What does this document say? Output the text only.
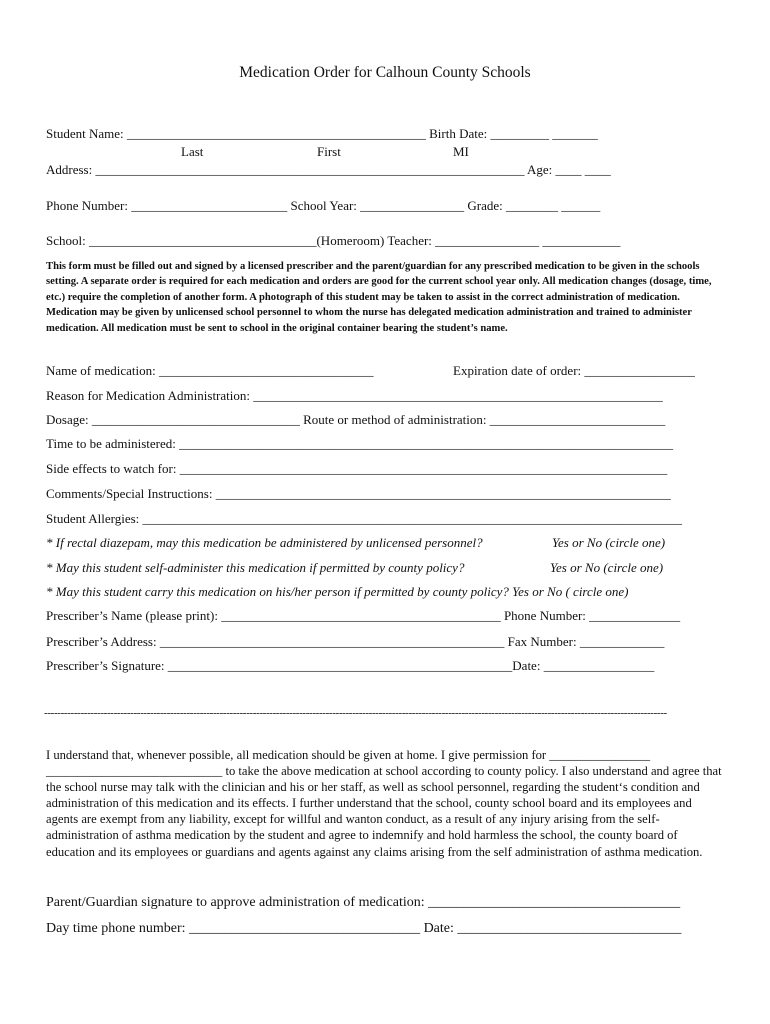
Medication Order for Calhoun County Schools
Student Name: ______________________________________________ Birth Date: _________ _______
Last	First	MI
Address: __________________________________________________________________ Age: ____ ____
Phone Number: ________________________ School Year: ________________ Grade: ________ ______
School: ___________________________________(Homeroom) Teacher: ________________ ____________
This form must be filled out and signed by a licensed prescriber and the parent/guardian for any prescribed medication to be given in the schools setting. A separate order is required for each medication and orders are good for the current school year only. All medication changes (dosage, time, etc.) require the completion of another form. A photograph of this student may be taken to assist in the correct administration of medication. Medication may be given by unlicensed school personnel to whom the nurse has delegated medication administration and trained to administer medication. All medication must be sent to school in the original container bearing the student’s name.
Name of medication: _________________________________	Expiration date of order: _________________
Reason for Medication Administration: _______________________________________________________________
Dosage: ________________________________ Route or method of administration: ___________________________
Time to be administered: ____________________________________________________________________________
Side effects to watch for: ___________________________________________________________________________
Comments/Special Instructions: ______________________________________________________________________
Student Allergies: ___________________________________________________________________________________
* If rectal diazepam, may this medication be administered by unlicensed personnel?	Yes or No (circle one)
* May this student self-administer this medication if permitted by county policy?	Yes or No (circle one)
* May this student carry this medication on his/her person if permitted by county policy? Yes or No ( circle one)
Prescriber’s Name (please print): ___________________________________________ Phone Number: ______________
Prescriber’s Address: _____________________________________________________ Fax Number: _____________
Prescriber’s Signature: _____________________________________________________Date: _________________
--------------------------------------------------------------------------------------------------------------------------------------------------------------------------------------------
I understand that, whenever possible, all medication should be given at home. I give permission for ________________ ____________________________ to take the above medication at school according to county policy. I also understand and agree that the school nurse may talk with the clinician and his or her staff, as well as school personnel, regarding the student‘s condition and administration of this medication and its effects. I further understand that the school, county school board and its employees and agents are exempt from any liability, except for willful and wanton conduct, as a result of any injury arising from the self-administration of asthma medication by the student and agree to indemnify and hold harmless the school, the county board of education and its employees or guardians and agents against any claims arising from the self administration of asthma medication.
Parent/Guardian signature to approve administration of medication: ____________________________________
Day time phone number: _________________________________ Date: ________________________________
